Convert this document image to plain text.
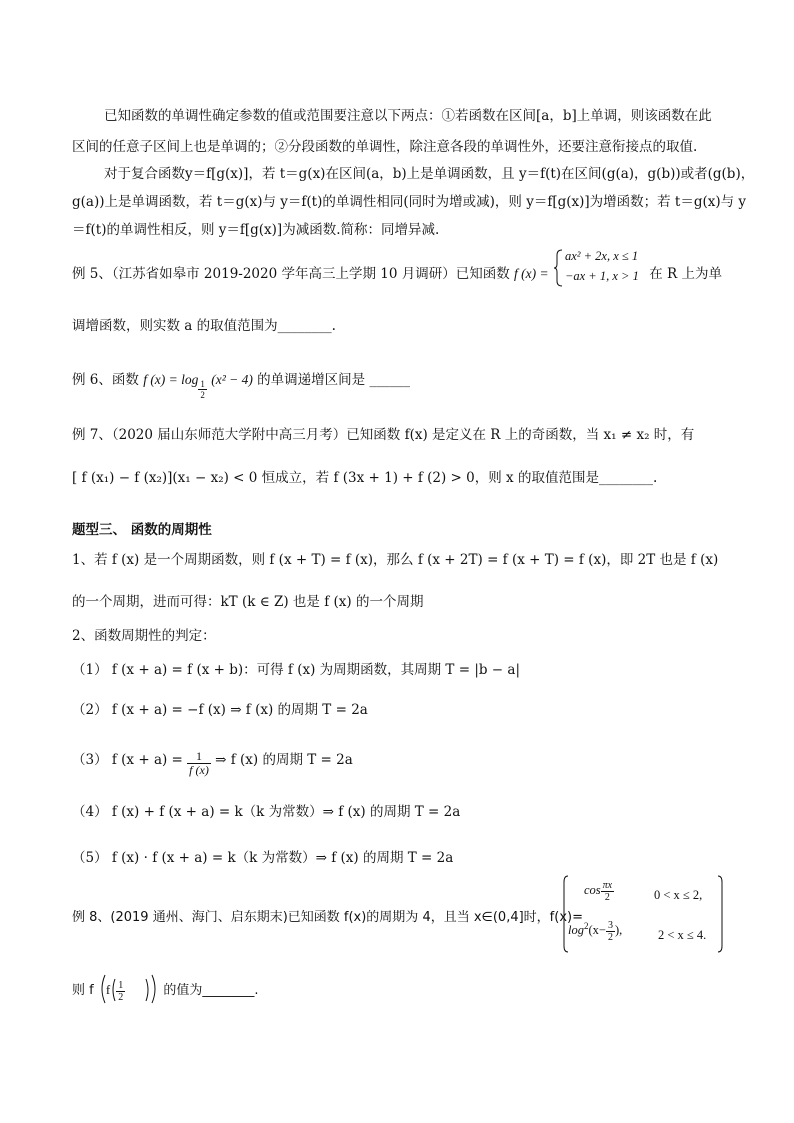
已知函数的单调性确定参数的值或范围要注意以下两点：①若函数在区间[a，b]上单调，则该函数在此
区间的任意子区间上也是单调的；②分段函数的单调性，除注意各段的单调性外，还要注意衔接点的取值.
对于复合函数y＝f[g(x)]，若 t＝g(x)在区间(a，b)上是单调函数，且 y＝f(t)在区间(g(a)，g(b))或者(g(b)，
g(a))上是单调函数，若 t＝g(x)与 y＝f(t)的单调性相同(同时为增或减)，则 y＝f[g(x)]为增函数；若 t＝g(x)与 y
＝f(t)的单调性相反，则 y＝f[g(x)]为减函数.简称：同增异减.
例 5、（江苏省如皋市 2019-2020 学年高三上学期 10 月调研）已知函数 f (x) =
ax² + 2x, x ≤ 1
−ax + 1, x > 1 在 R 上为单
调增函数，则实数 a 的取值范围为________.
例 6、函数 f $(x) = \log \frac{1}{2} (x^2 - 4)$ 的单调递增区间是 ______
例 7、（2020 届山东师范大学附中高三月考）已知函数 f(x) 是定义在 R 上的奇函数，当 x₁ ≠ x₂ 时，有
[ f (x₁) − f (x₂)](x₁ − x₂) < 0 恒成立，若 f (3x + 1) + f (2) > 0，则 x 的取值范围是________.
题型三、 函数的周期性
1、若 f (x) 是一个周期函数，则 f (x + T) = f (x)，那么 f (x + 2T) = f (x + T) = f (x)，即 2T 也是 f (x)
的一个周期，进而可得：kT (k ∈ Z) 也是 f (x) 的一个周期
2、函数周期性的判定：
（1） f (x + a) = f (x + b)：可得 f (x) 为周期函数，其周期 T = |b − a|
（2） f (x + a) = −f (x) ⇒ f (x) 的周期 T = 2a
（3） f $(x + a) = \frac{1}{f (x)}$ ⇒ f (x) 的周期 T = 2a
（4） f (x) + f (x + a) = k（k 为常数）⇒ f (x) 的周期 T = 2a
（5） f (x) · f (x + a) = k（k 为常数）⇒ f (x) 的周期 T = 2a
例 8、(2019 通州、海门、启东期末)已知函数 f(x)的周期为 4，且当 x∈(0,4]时，f(x)=
$\cos \frac{\pi x}{2}$	0 < x ≤ 2,
$\log^2(x- \frac{3}{2}$ ),	2 < x ≤ 4.
则 f f $\frac{1}{2}$	的值为________.
